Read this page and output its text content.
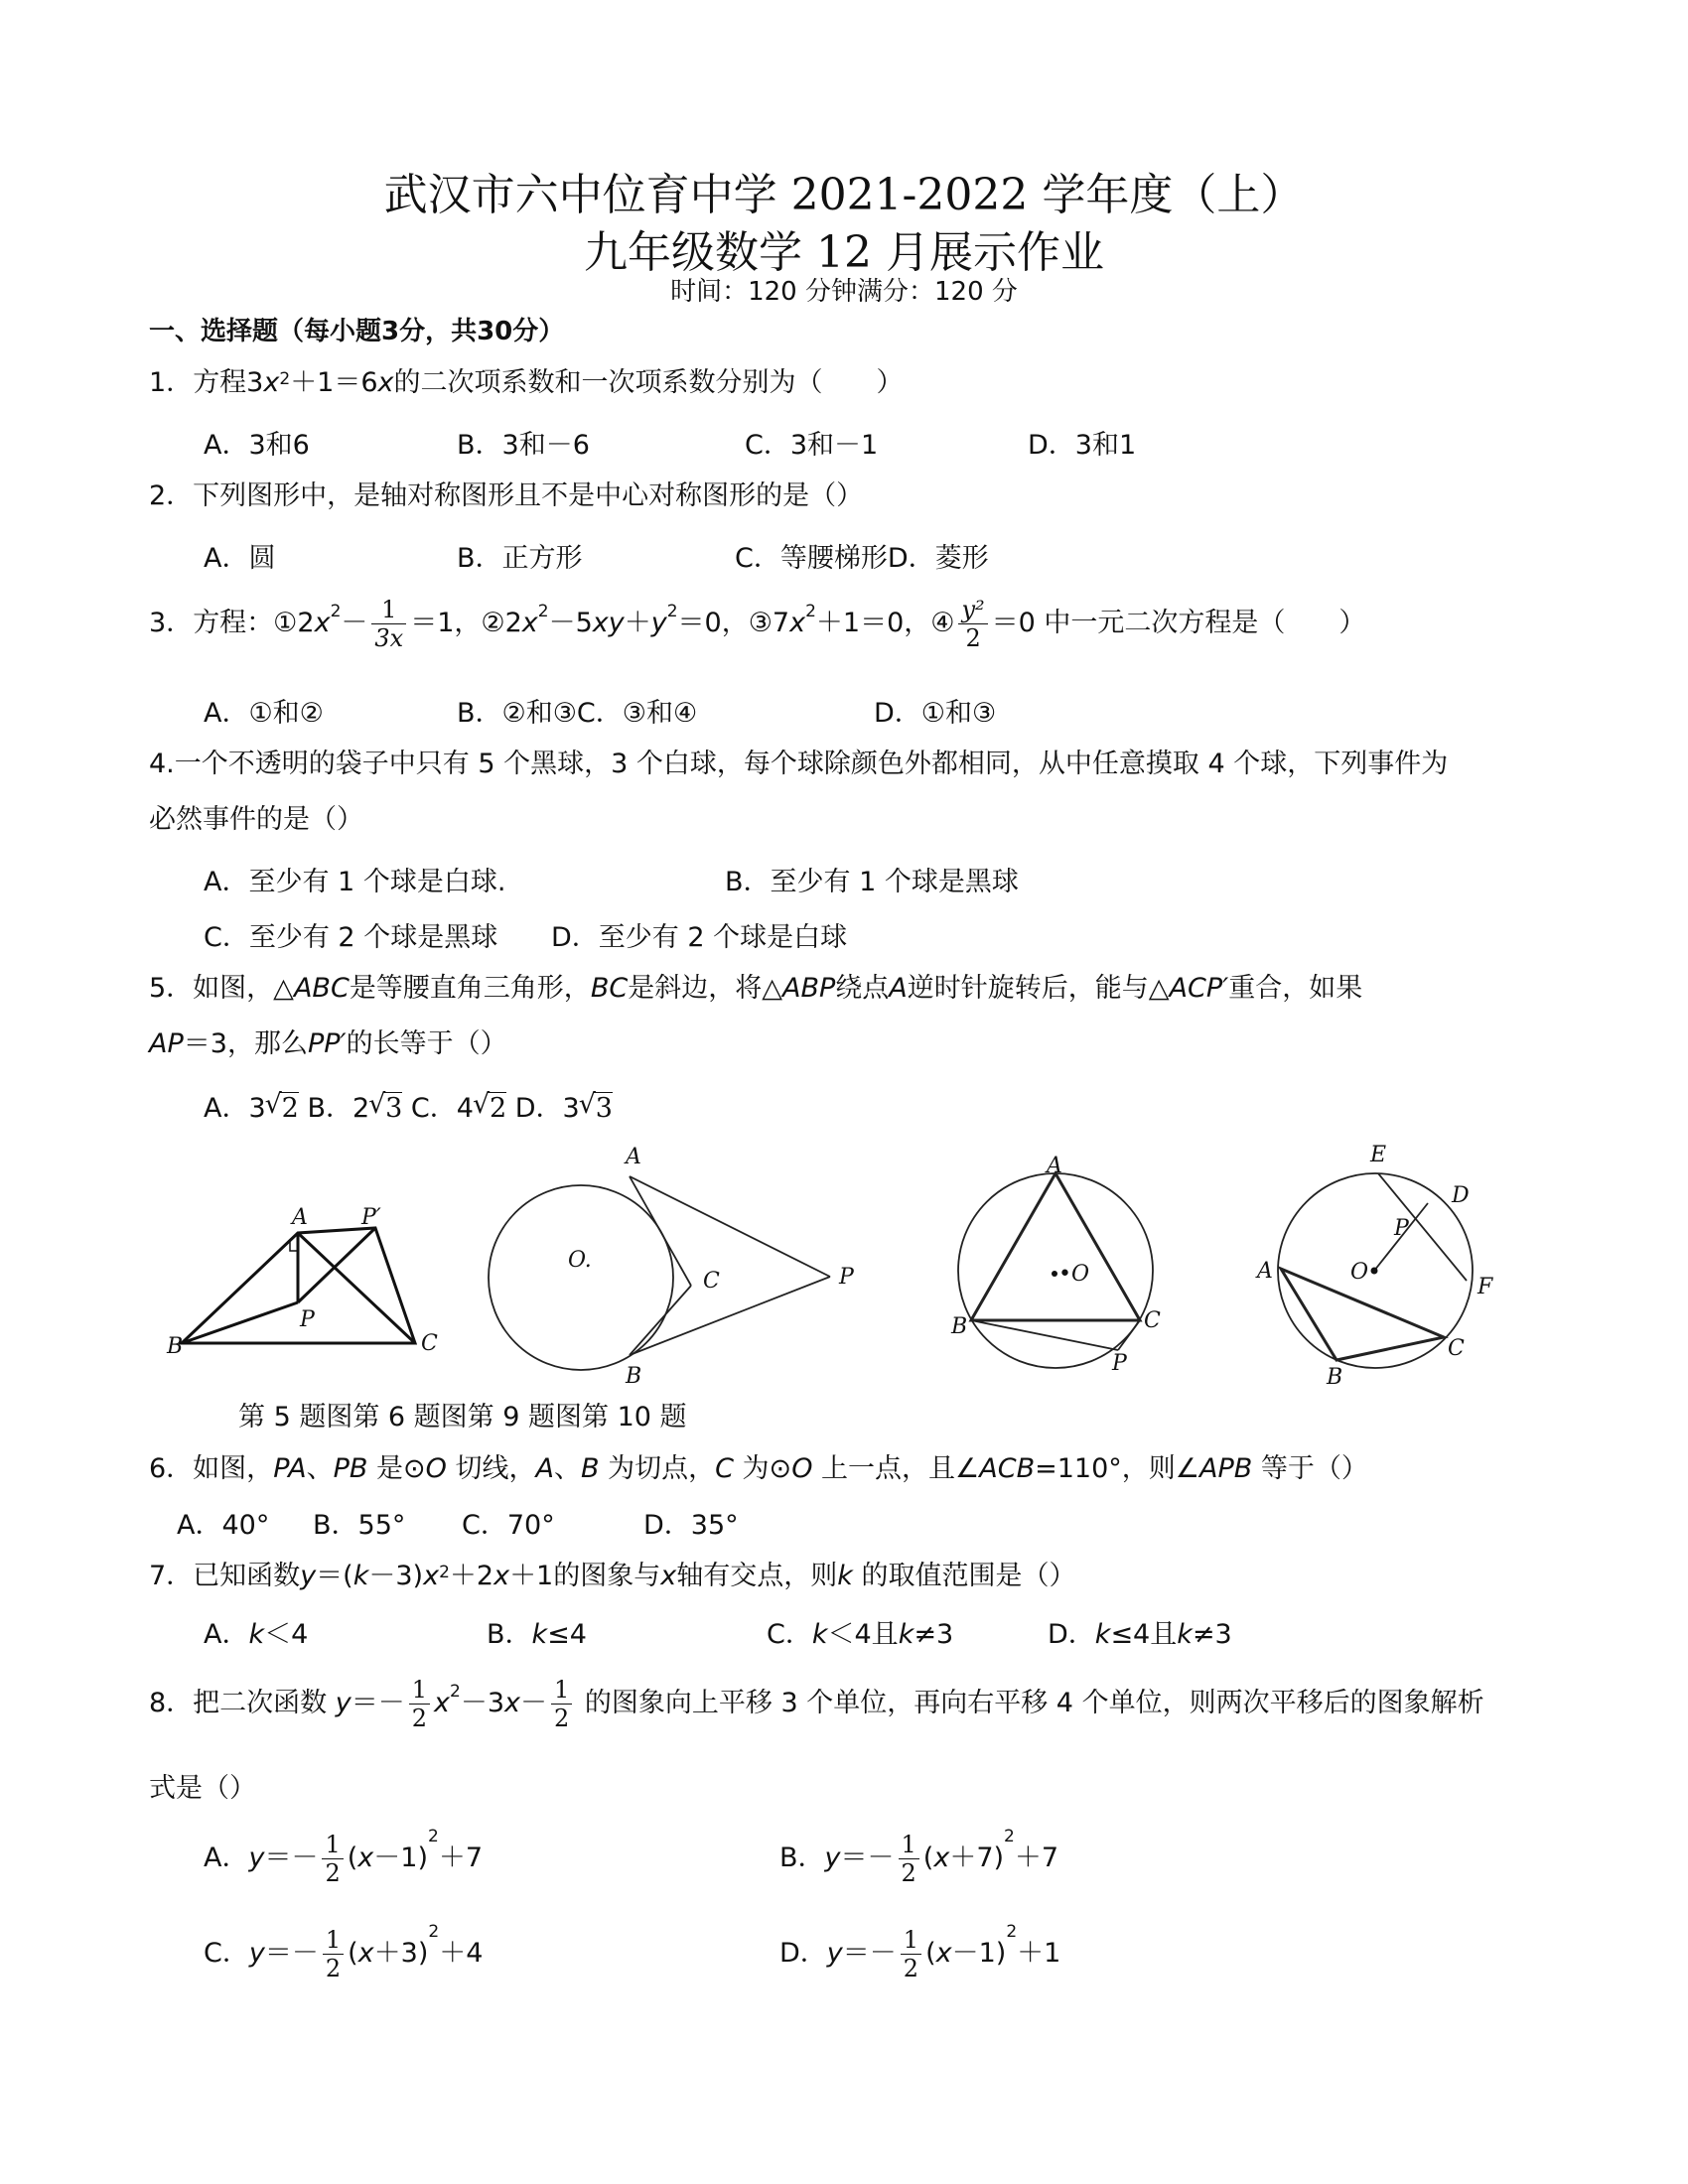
武汉市六中位育中学 2021-2022 学年度（上）
九年级数学 12 月展示作业
时间：120 分钟满分：120 分
一、选择题（每小题3分，共30分）
1．方程$3x^2+1=6x$的二次项系数和一次项系数分别为（　　）
A．3和6	B．3和－6	C．3和－1	D．3和1
2．下列图形中，是轴对称图形且不是中心对称图形的是（）
A．圆	B．正方形	C．等腰梯形D．菱形
3．方程：$①2x^2- \frac{1}{3x} =1$，$②2x^2-5xy+y^2=0$，$③7x^2+1=0$，④ $\frac{\text{y²}}{2} =0$ 中一元二次方程是（　　）
A．①和②	B．②和③C．③和④	D．①和③
4.一个不透明的袋子中只有 5 个黑球，3 个白球，每个球除颜色外都相同，从中任意摸取 4 个球，下列事件为
必然事件的是（）
A．至少有 1 个球是白球.	B．至少有 1 个球是黑球
C．至少有 2 个球是黑球 D．至少有 2 个球是白球
5．如图，△ABC是等腰直角三角形，BC是斜边，将△ABP绕点A逆时针旋转后，能与△ACP′重合，如果
AP＝3，那么PP′的长等于（）
A．3 √ 2 B．2 √ 3 C．4 √ 2 D．3 √ 3
A P′
P
B	C
A
O.
C	P
B
A
•O
B	C
P
E
D
P
O
F
A
C
B
第 5 题图第 6 题图第 9 题图第 10 题
6．如图，PA、PB 是⊙O 切线，A、B 为切点，C 为⊙O 上一点，且∠ACB=110°，则∠APB 等于（）
A．40° B．55° C．70°	D．35°
7．已知函数$y=(k-3)x^2+2x+1$的图象与x轴有交点，则k 的取值范围是（）
A．k＜4	B．k≤4	C．k＜4且k≠3	D．k≤4且k≠3
8．把二次函数 $y=- \frac{1}{2} x^2-3x- \frac{1}{2}$ 的图象向上平移 3 个单位，再向右平移 4 个单位，则两次平移后的图象解析
式是（）
A．$y=- \frac{1}{2} (x-1)^2+7$	B．$y=- \frac{1}{2} (x+7)^2+7$
C．$y=- \frac{1}{2} (x+3)^2+4$	D．$y=- \frac{1}{2} (x-1)^2+1$
